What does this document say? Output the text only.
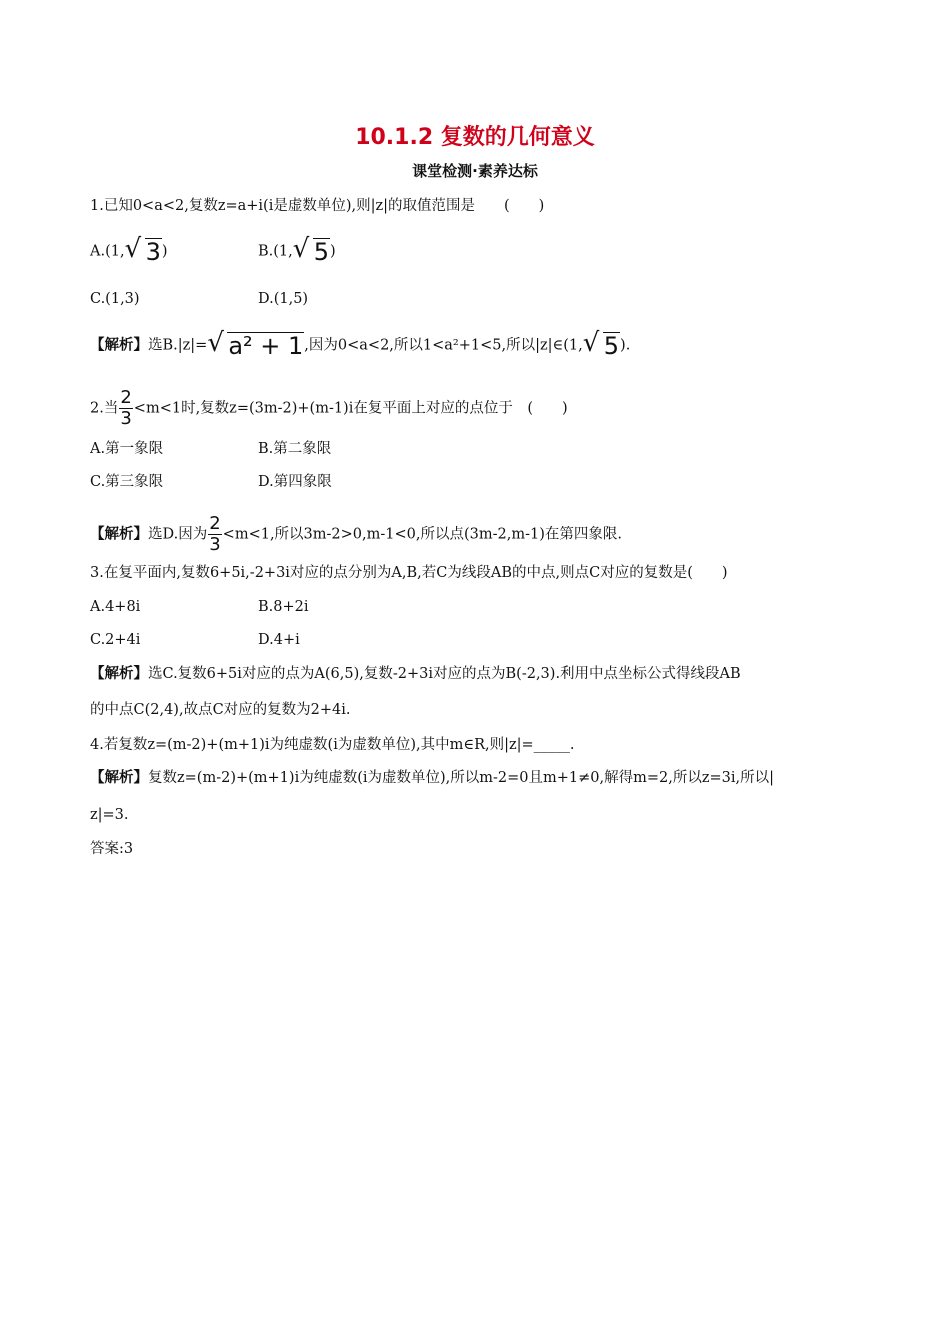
10.1.2 复数的几何意义
课堂检测·素养达标
1.已知0<a<2,复数z=a+i(i是虚数单位),则|z|的取值范围是　　(　　)
A.(1, √ 3)	B.(1, √ 5)
C.(1,3)	D.(1,5)
【解析】选B.|z|= √ a² + 1,因为0<a<2,所以1<a²+1<5,所以|z|∈(1, √ 5).
2.当 $\frac{2}{3} <m<1$时,复数z=(3m-2)+(m-1)i在复平面上对应的点位于　(　　)
A.第一象限	B.第二象限
C.第三象限	D.第四象限
【解析】选D.因为 $\frac{2}{3} <m<1$,所以3m-2>0,m-1<0,所以点(3m-2,m-1)在第四象限.
3.在复平面内,复数6+5i,-2+3i对应的点分别为A,B,若C为线段AB的中点,则点C对应的复数是(　　)
A.4+8i	B.8+2i
C.2+4i	D.4+i
【解析】选C.复数6+5i对应的点为A(6,5),复数-2+3i对应的点为B(-2,3).利用中点坐标公式得线段AB
的中点C(2,4),故点C对应的复数为2+4i.
4.若复数z=(m-2)+(m+1)i为纯虚数(i为虚数单位),其中m∈R,则|z|=_____.
【解析】复数z=(m-2)+(m+1)i为纯虚数(i为虚数单位),所以m-2=0且m+1≠0,解得m=2,所以z=3i,所以|
z|=3.
答案:3
